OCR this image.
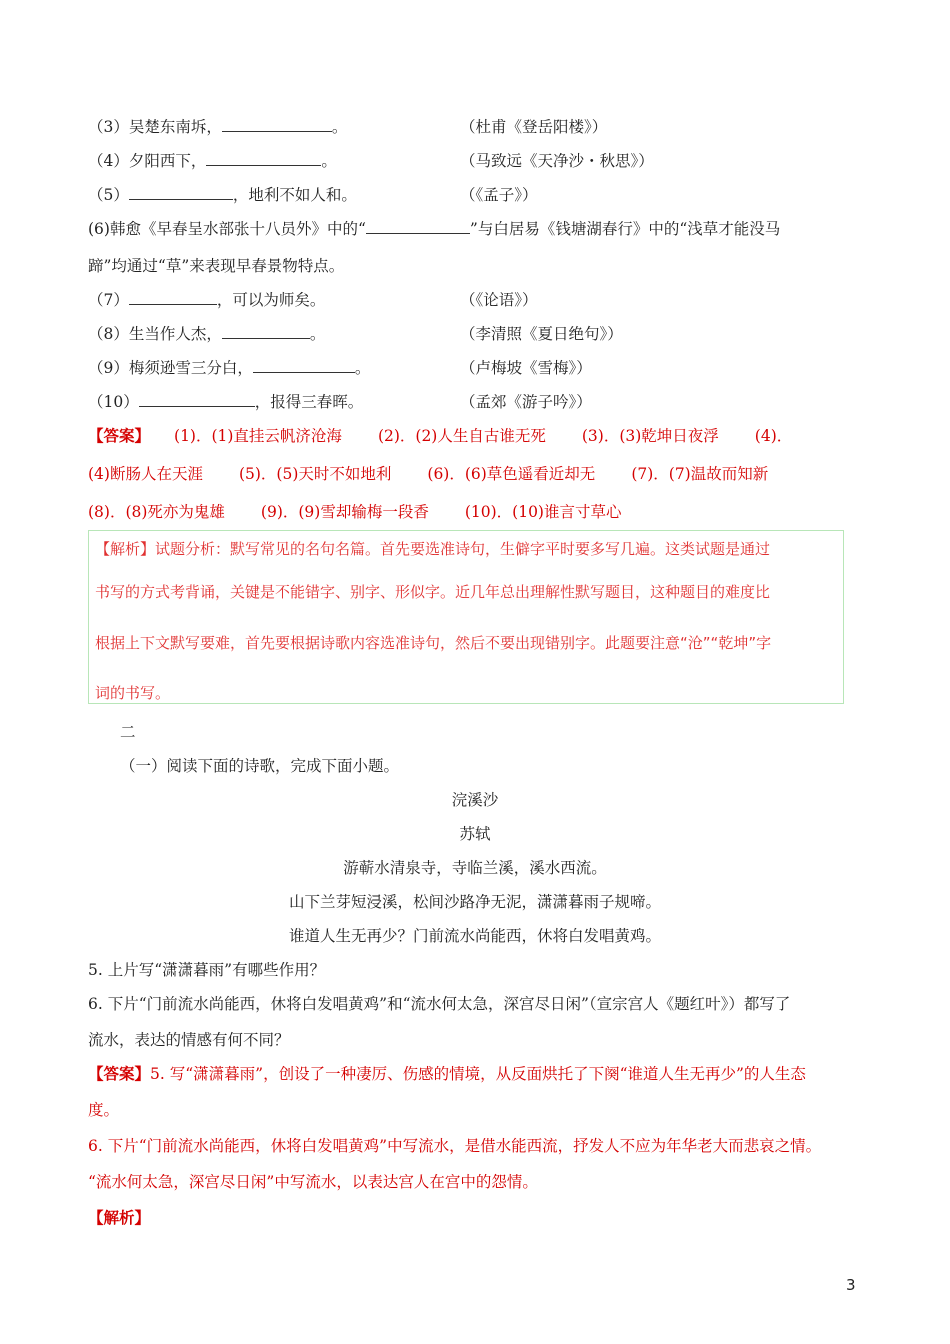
（3）吴楚东南坼，	。	（杜甫《登岳阳楼》）
（4）夕阳西下，	。	（马致远《天净沙・秋思》）
（5）	，地利不如人和。	（《孟子》）
(6)韩愈《早春呈水部张十八员外》中的“	”与白居易《钱塘湖春行》中的“浅草才能没马
蹄”均通过“草”来表现早春景物特点。
（7）	，可以为师矣。	（《论语》）
（8）生当作人杰，	。	（李清照《夏日绝句》）
（9）梅须逊雪三分白，	。	（卢梅坡《雪梅》）
（10）	，报得三春晖。	（孟郊《游子吟》）
【答案】 (1)．(1)直挂云帆济沧海 (2)．(2)人生自古谁无死 (3)．(3)乾坤日夜浮 (4)．
(4)断肠人在天涯 (5)．(5)天时不如地利 (6)．(6)草色遥看近却无 (7)．(7)温故而知新
(8)．(8)死亦为鬼雄 (9)．(9)雪却输梅一段香 (10)．(10)谁言寸草心
【解析】试题分析：默写常见的名句名篇。首先要选准诗句，生僻字平时要多写几遍。这类试题是通过
书写的方式考背诵，关键是不能错字、别字、形似字。近几年总出理解性默写题目，这种题目的难度比
根据上下文默写要难，首先要根据诗歌内容选准诗句，然后不要出现错别字。此题要注意“沧”“乾坤”字
词的书写。
二
（一）阅读下面的诗歌，完成下面小题。
浣溪沙
苏轼
游蕲水清泉寺，寺临兰溪，溪水西流。
山下兰芽短浸溪，松间沙路净无泥，潇潇暮雨子规啼。
谁道人生无再少？门前流水尚能西，休将白发唱黄鸡。
5. 上片写“潇潇暮雨”有哪些作用？
6. 下片“门前流水尚能西，休将白发唱黄鸡”和“流水何太急，深宫尽日闲”（宣宗宫人《题红叶》）都写了
流水，表达的情感有何不同？
【答案】5. 写“潇潇暮雨”，创设了一种凄厉、伤感的情境，从反面烘托了下阕“谁道人生无再少”的人生态
度。
6. 下片“门前流水尚能西，休将白发唱黄鸡”中写流水，是借水能西流，抒发人不应为年华老大而悲哀之情。
“流水何太急，深宫尽日闲”中写流水，以表达宫人在宫中的怨情。
【解析】
3
